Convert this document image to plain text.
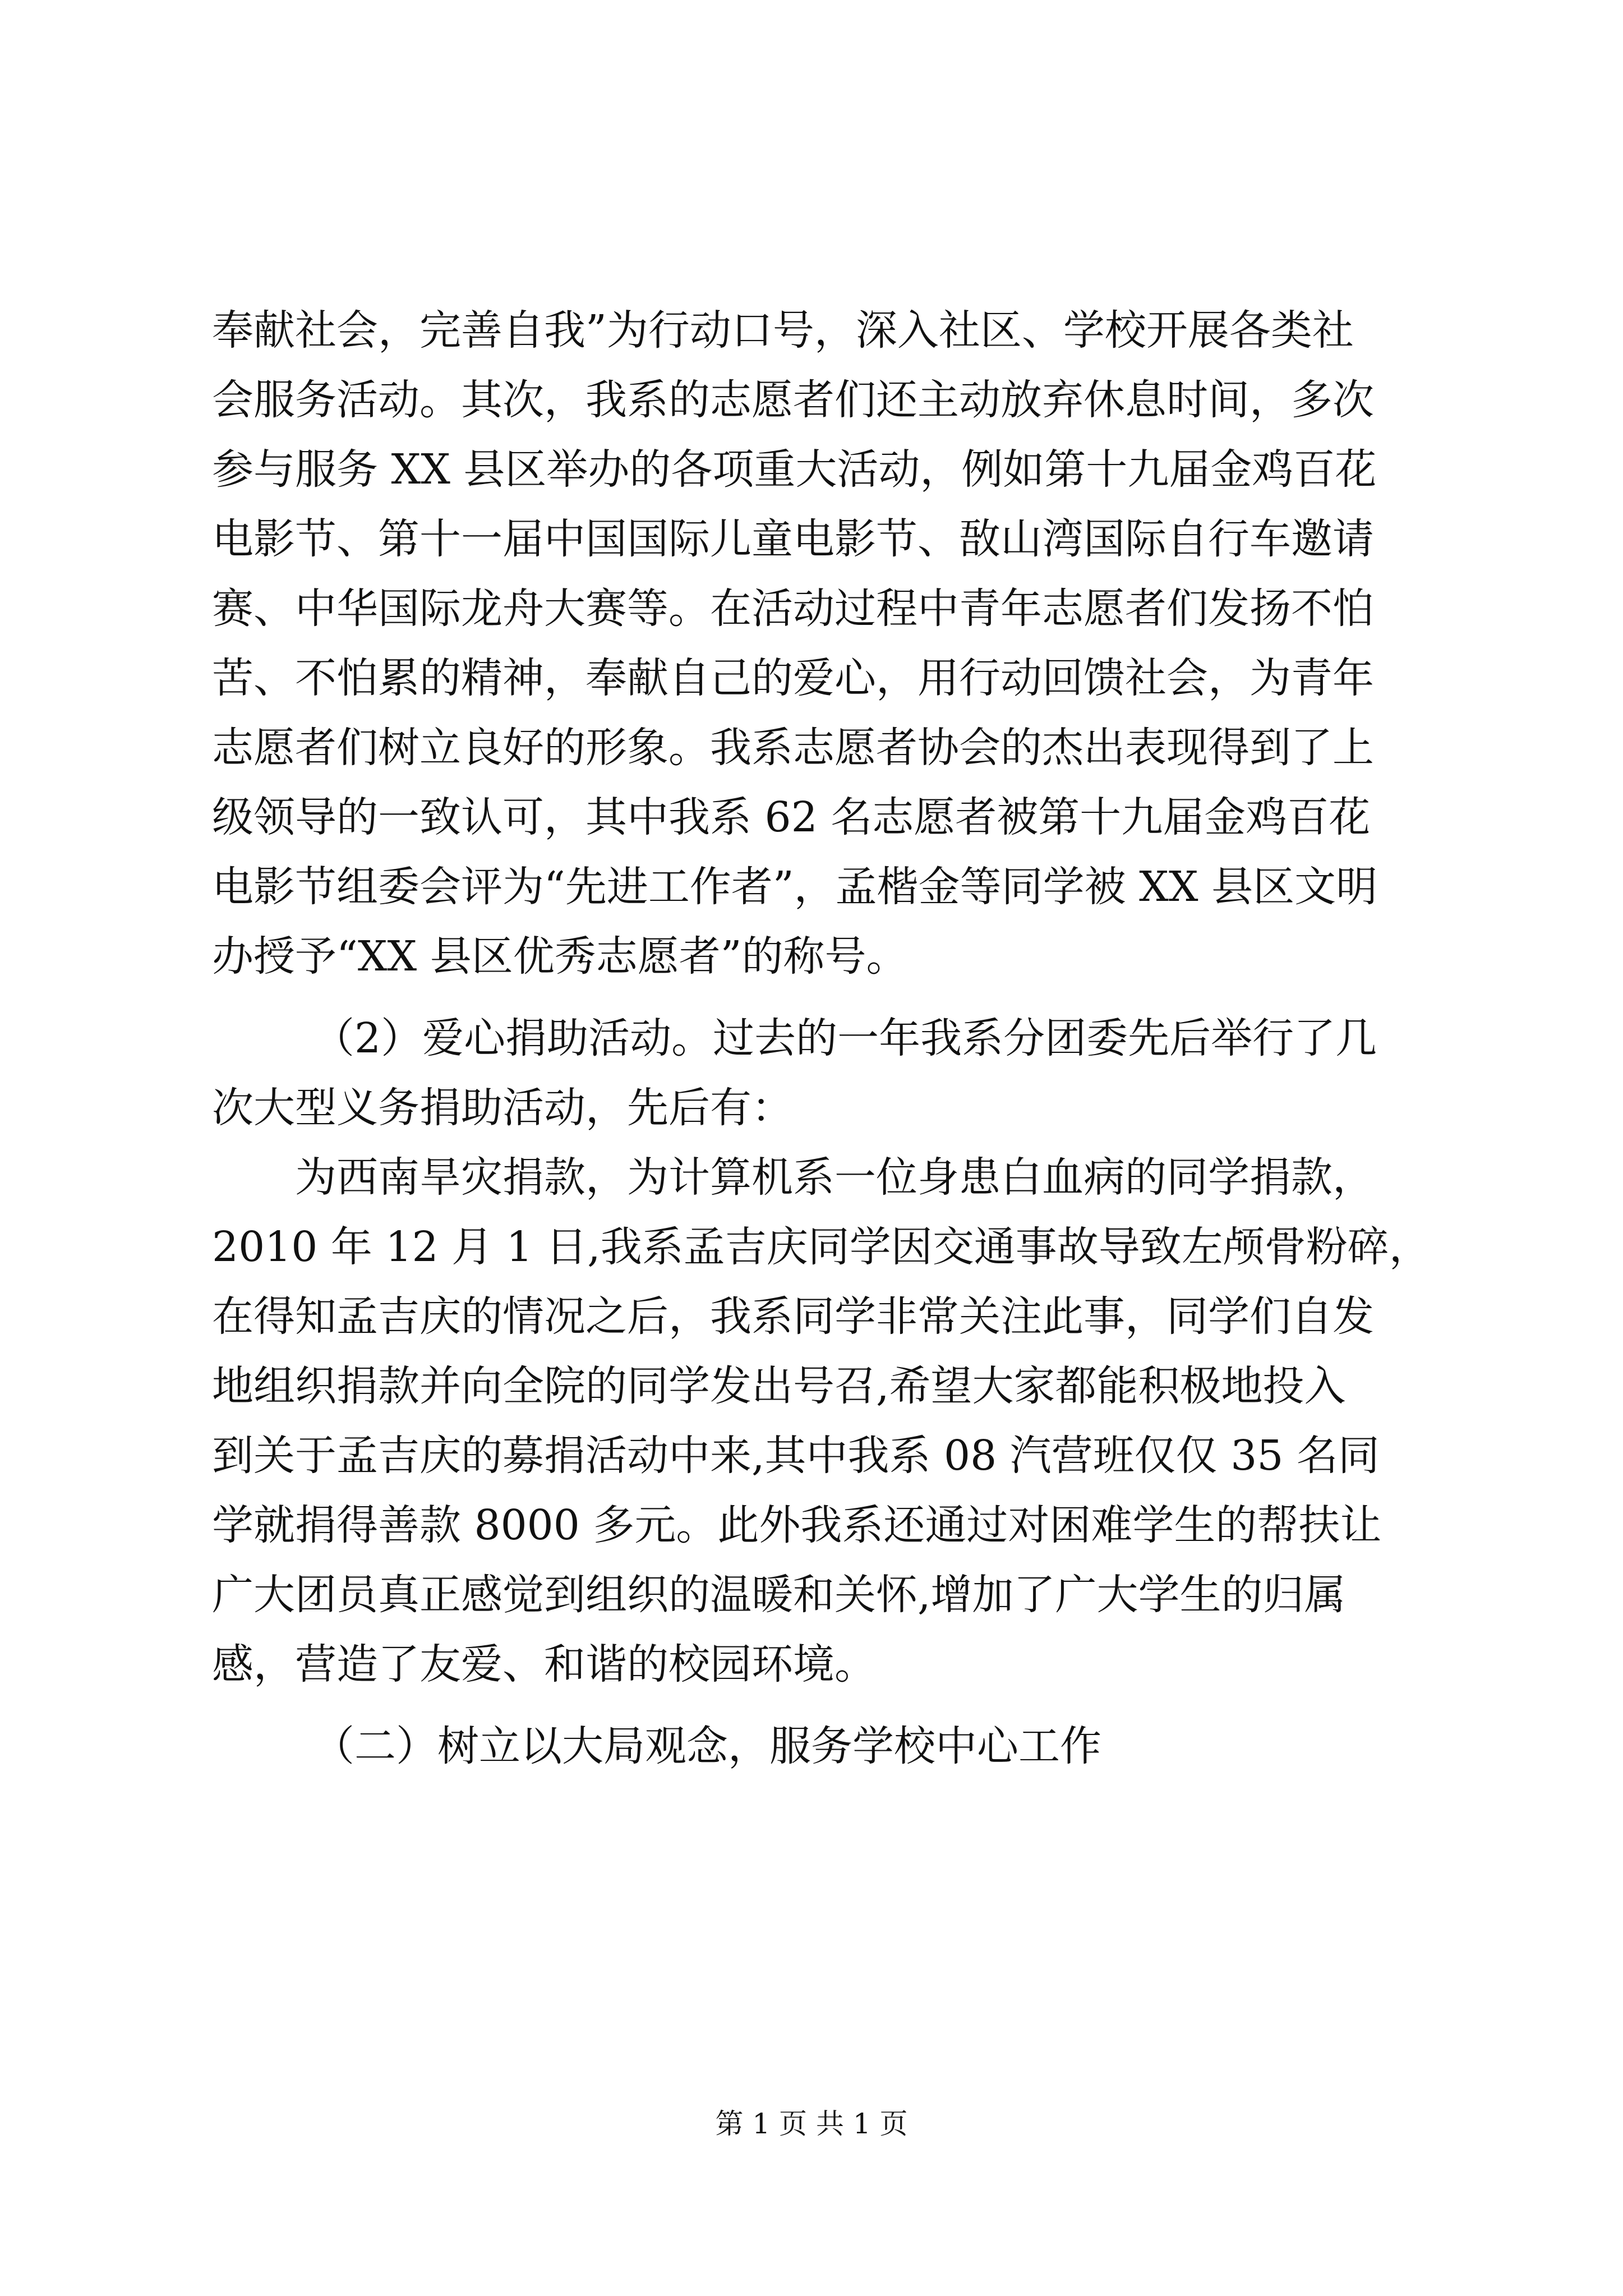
奉献社会，完善自我”为行动口号，深入社区、学校开展各类社
会服务活动。其次，我系的志愿者们还主动放弃休息时间，多次
参与服务 XX 县区举办的各项重大活动，例如第十九届金鸡百花
电影节、第十一届中国国际儿童电影节、敔山湾国际自行车邀请
赛、中华国际龙舟大赛等。在活动过程中青年志愿者们发扬不怕
苦、不怕累的精神，奉献自己的爱心，用行动回馈社会，为青年
志愿者们树立良好的形象。我系志愿者协会的杰出表现得到了上
级领导的一致认可，其中我系 62 名志愿者被第十九届金鸡百花
电影节组委会评为“先进工作者”，孟楷金等同学被 XX 县区文明
办授予“XX 县区优秀志愿者”的称号。
（2）爱心捐助活动。过去的一年我系分团委先后举行了几
次大型义务捐助活动，先后有：
为西南旱灾捐款，为计算机系一位身患白血病的同学捐款，
2010 年 12 月 1 日,我系孟吉庆同学因交通事故导致左颅骨粉碎，
在得知孟吉庆的情况之后，我系同学非常关注此事，同学们自发
地组织捐款并向全院的同学发出号召,希望大家都能积极地投入
到关于孟吉庆的募捐活动中来,其中我系 08 汽营班仅仅 35 名同
学就捐得善款 8000 多元。此外我系还通过对困难学生的帮扶让
广大团员真正感觉到组织的温暖和关怀,增加了广大学生的归属
感，营造了友爱、和谐的校园环境。
（二）树立以大局观念，服务学校中心工作
第 1 页 共 1 页
